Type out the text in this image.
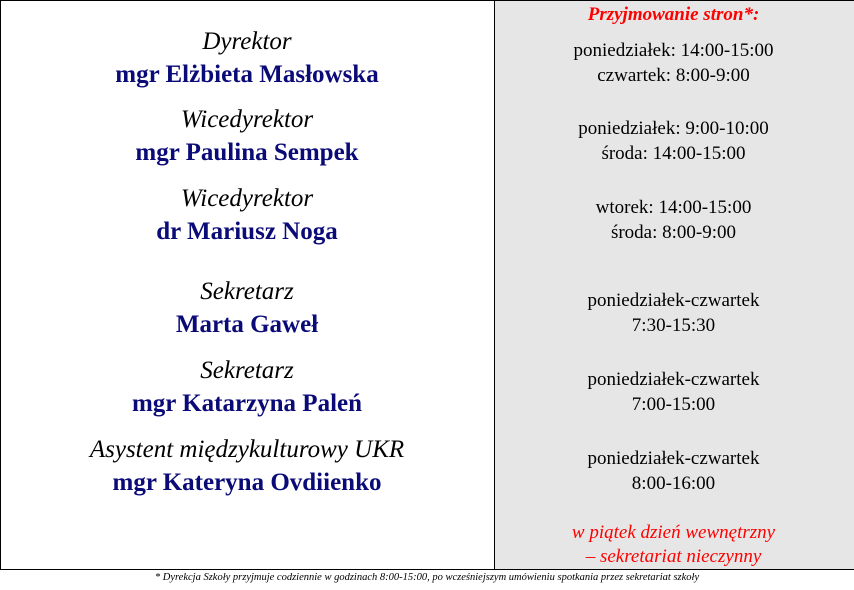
Dyrektor
mgr Elżbieta Masłowska
Wicedyrektor
mgr Paulina Sempek
Wicedyrektor
dr Mariusz Noga
Sekretarz
Marta Gaweł
Sekretarz
mgr Katarzyna Paleń
Asystent międzykulturowy UKR
mgr Kateryna Ovdiienko
Przyjmowanie stron*:
poniedziałek: 14:00-15:00
czwartek: 8:00-9:00
poniedziałek: 9:00-10:00
środa: 14:00-15:00
wtorek: 14:00-15:00
środa: 8:00-9:00
poniedziałek-czwartek
7:30-15:30
poniedziałek-czwartek
7:00-15:00
poniedziałek-czwartek
8:00-16:00
w piątek dzień wewnętrzny
– sekretariat nieczynny
* Dyrekcja Szkoły przyjmuje codziennie w godzinach 8:00-15:00, po wcześniejszym umówieniu spotkania przez sekretariat szkoły
